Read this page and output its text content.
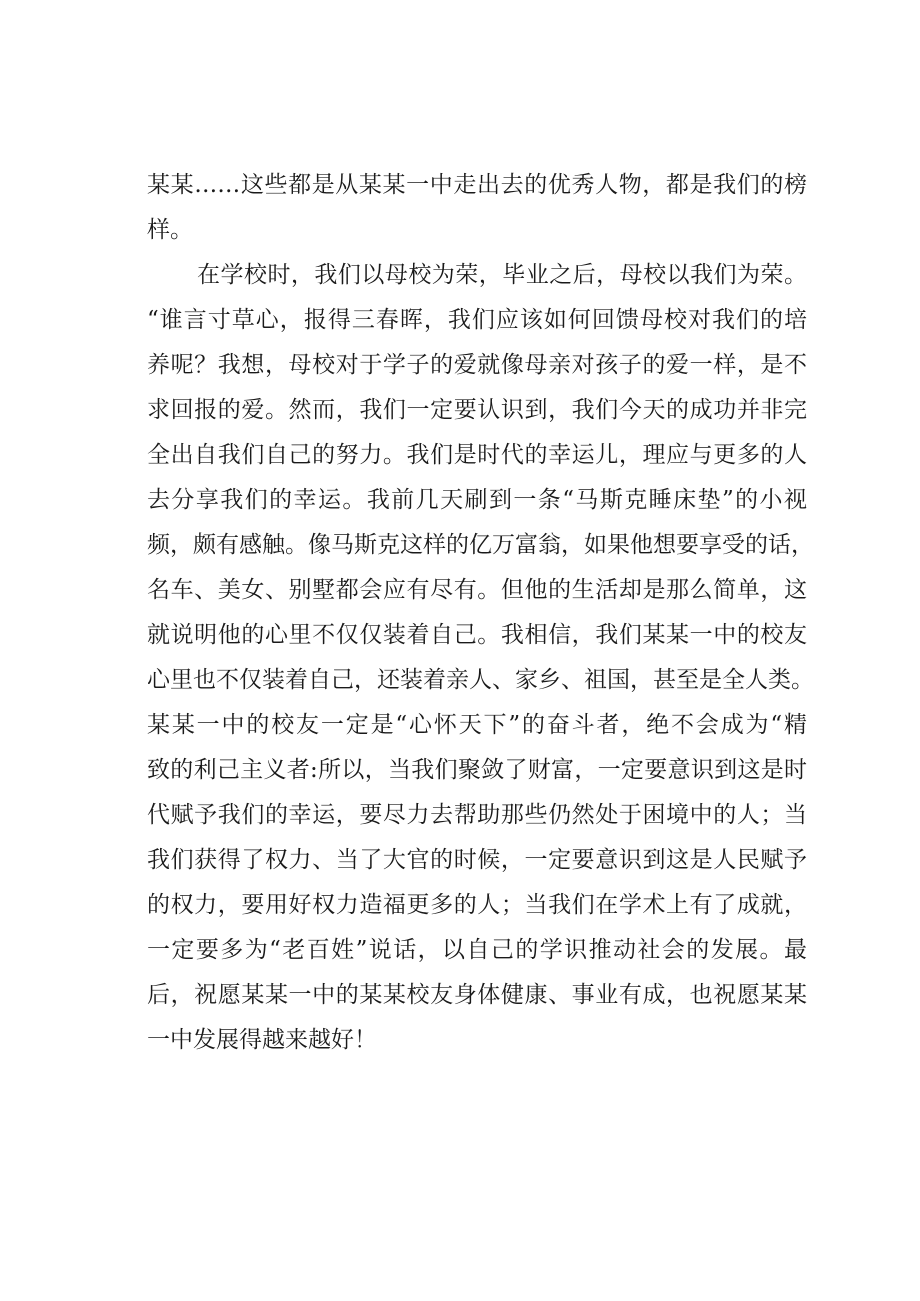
某某……这些都是从某某一中走出去的优秀人物，都是我们的榜
样。
在学校时，我们以母校为荣，毕业之后，母校以我们为荣。
“谁言寸草心，报得三春晖，我们应该如何回馈母校对我们的培
养呢？我想，母校对于学子的爱就像母亲对孩子的爱一样，是不
求回报的爱。然而，我们一定要认识到，我们今天的成功并非完
全出自我们自己的努力。我们是时代的幸运儿，理应与更多的人
去分享我们的幸运。我前几天刷到一条“马斯克睡床垫”的小视
频，颇有感触。像马斯克这样的亿万富翁，如果他想要享受的话，
名车、美女、别墅都会应有尽有。但他的生活却是那么简单，这
就说明他的心里不仅仅装着自己。我相信，我们某某一中的校友
心里也不仅装着自己，还装着亲人、家乡、祖国，甚至是全人类。
某某一中的校友一定是“心怀天下”的奋斗者，绝不会成为“精
致的利己主义者:所以，当我们聚敛了财富，一定要意识到这是时
代赋予我们的幸运，要尽力去帮助那些仍然处于困境中的人；当
我们获得了权力、当了大官的时候，一定要意识到这是人民赋予
的权力，要用好权力造福更多的人；当我们在学术上有了成就，
一定要多为“老百姓”说话，以自己的学识推动社会的发展。最
后，祝愿某某一中的某某校友身体健康、事业有成，也祝愿某某
一中发展得越来越好！
